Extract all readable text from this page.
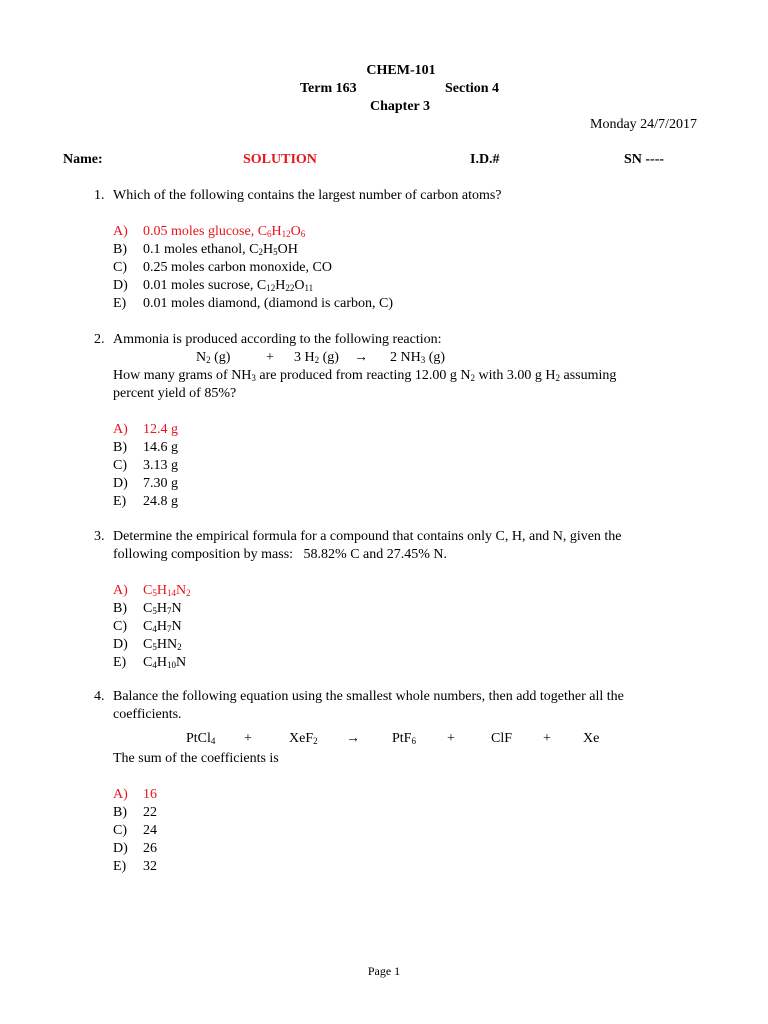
CHEM-101
Term 163	Section 4
Chapter 3
Monday 24/7/2017
Name:	SOLUTION	I.D.#	SN ----
1. Which of the following contains the largest number of carbon atoms?
A) 0.05 moles glucose, $C_6H_{12}O_6$
B) 0.1 moles ethanol, $C_2H_5OH$
C) 0.25 moles carbon monoxide, CO
D) 0.01 moles sucrose, $C_{12}H_{22}O_{11}$
E) 0.01 moles diamond, (diamond is carbon, C)
2. Ammonia is produced according to the following reaction:
$N_2$ (g)	+ 3 $H_2$ (g) → 2 $NH_3$ (g)
How many grams of $NH_3$ are produced from reacting 12.00 g $N_2$ with 3.00 g $H_2$ assuming
percent yield of 85%?
A) 12.4 g
B) 14.6 g
C) 3.13 g
D) 7.30 g
E) 24.8 g
3. Determine the empirical formula for a compound that contains only C, H, and N, given the
following composition by mass:   58.82% C and 27.45% N.
A) $C_5H_{14}N_2$
B) $C_5H_7N$
C) $C_4H_7N$
D) $C_5HN_2$
E) $C_4H_{10}N$
4. Balance the following equation using the smallest whole numbers, then add together all the
coefficients.
PtCl$_4$ +	XeF$_2$ → PtF$_6$ +	ClF + Xe
The sum of the coefficients is
A) 16
B) 22
C) 24
D) 26
E) 32
Page 1
